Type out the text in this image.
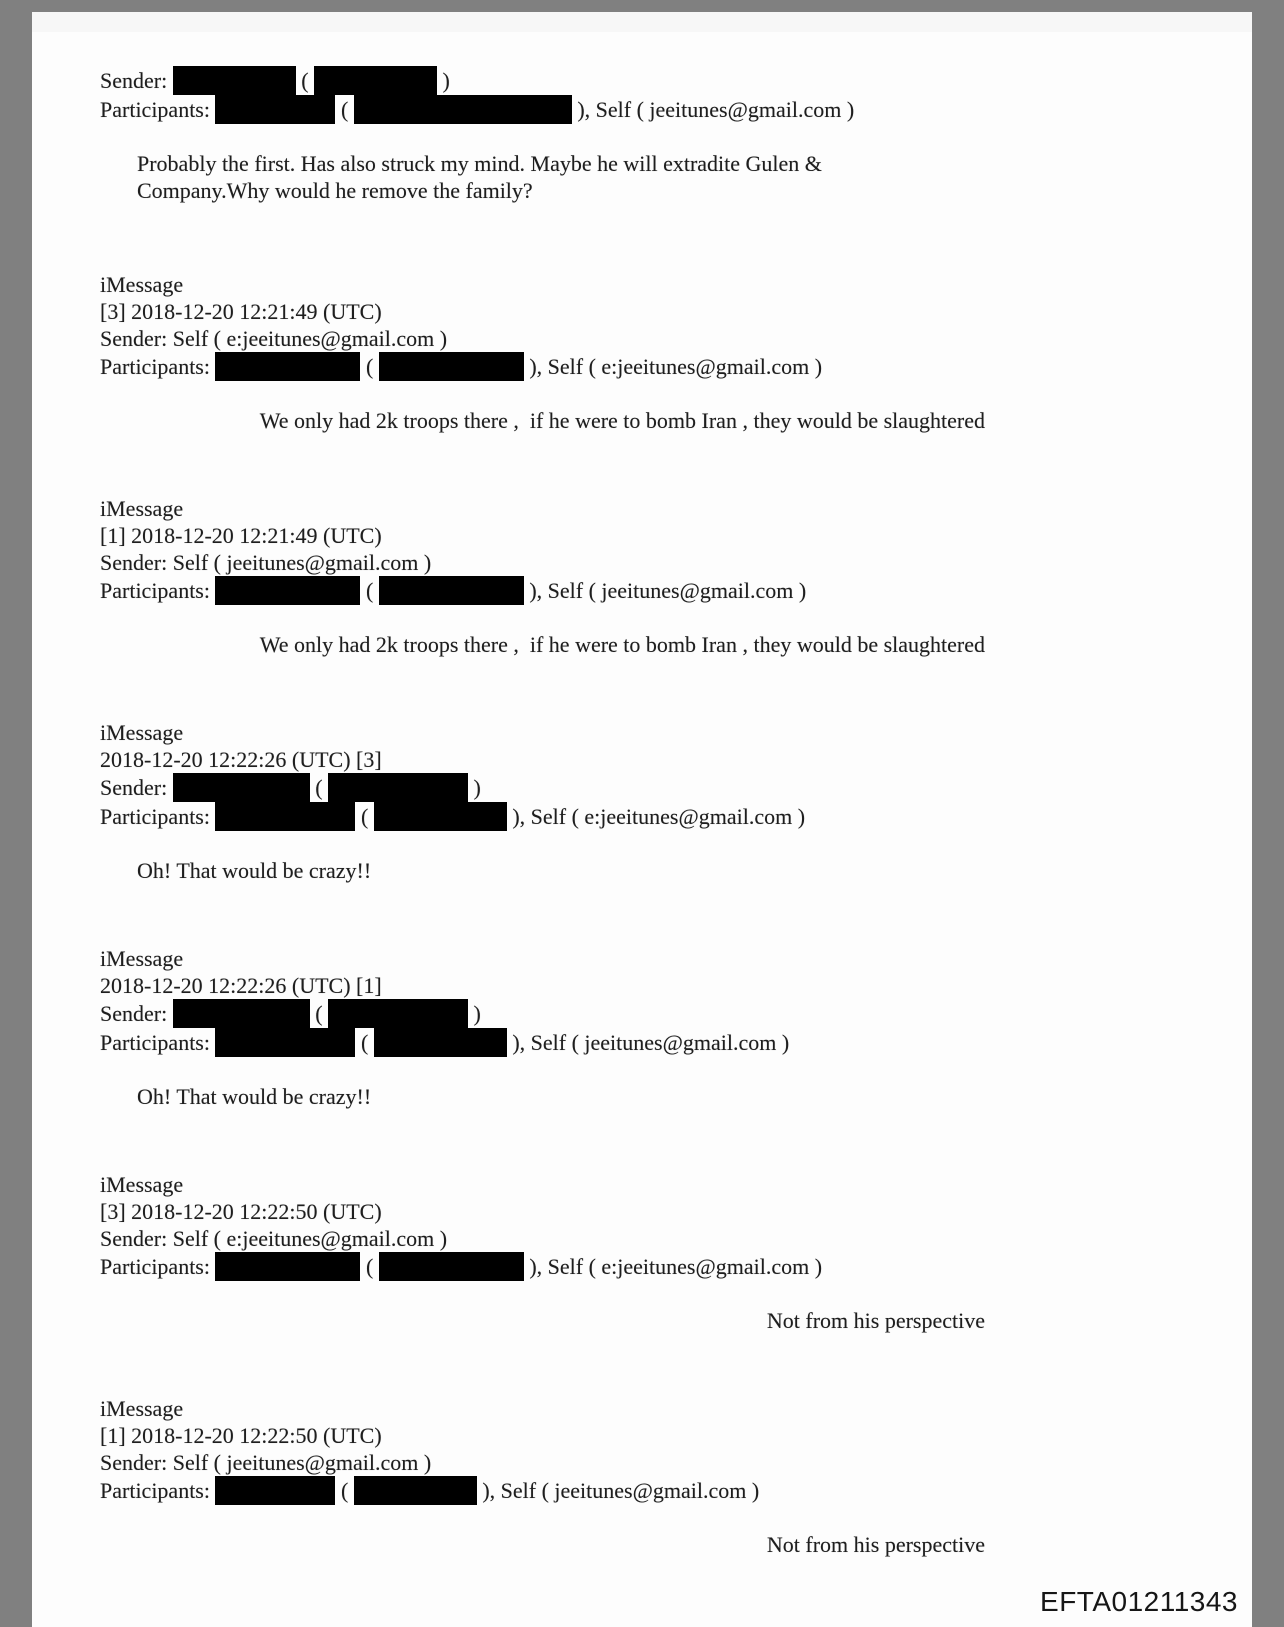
Sender:	(	)
Participants:	(	), Self ( jeeitunes@gmail.com )
Probably the first. Has also struck my mind. Maybe he will extradite Gulen &
Company.Why would he remove the family?
iMessage
[3] 2018-12-20 12:21:49 (UTC)
Sender: Self ( e:jeeitunes@gmail.com )
Participants:	(	), Self ( e:jeeitunes@gmail.com )
We only had 2k troops there ,  if he were to bomb Iran , they would be slaughtered
iMessage
[1] 2018-12-20 12:21:49 (UTC)
Sender: Self ( jeeitunes@gmail.com )
Participants:	(	), Self ( jeeitunes@gmail.com )
We only had 2k troops there ,  if he were to bomb Iran , they would be slaughtered
iMessage
2018-12-20 12:22:26 (UTC) [3]
Sender:	(	)
Participants:	(	), Self ( e:jeeitunes@gmail.com )
Oh! That would be crazy!!
iMessage
2018-12-20 12:22:26 (UTC) [1]
Sender:	(	)
Participants:	(	), Self ( jeeitunes@gmail.com )
Oh! That would be crazy!!
iMessage
[3] 2018-12-20 12:22:50 (UTC)
Sender: Self ( e:jeeitunes@gmail.com )
Participants:	(	), Self ( e:jeeitunes@gmail.com )
Not from his perspective
iMessage
[1] 2018-12-20 12:22:50 (UTC)
Sender: Self ( jeeitunes@gmail.com )
Participants:	(	), Self ( jeeitunes@gmail.com )
Not from his perspective
EFTA01211343
